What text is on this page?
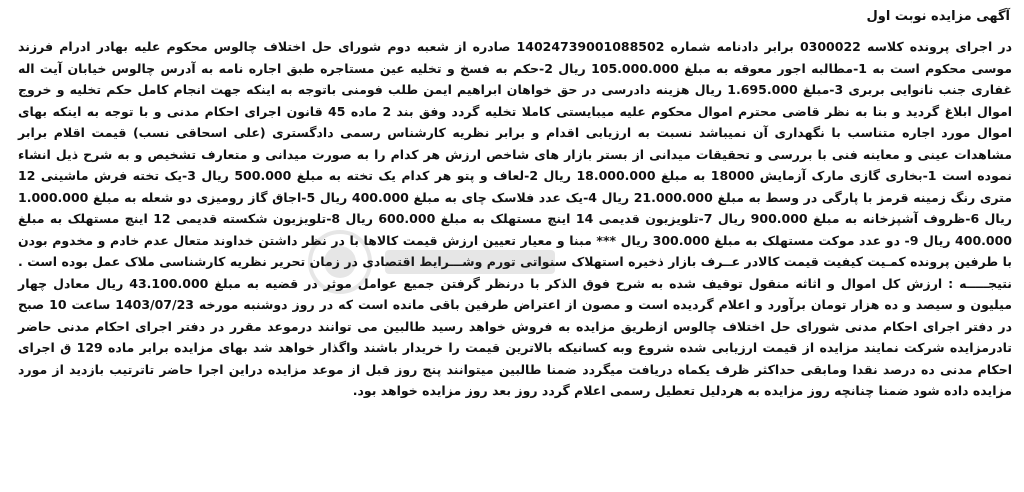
آگهی مزایده نوبت اول

در اجرای پرونده کلاسه 0300022 برابر دادنامه شماره 14024739001088502 صادره از شعبه دوم شورای حل اختلاف چالوس محکوم علیه بهادر ادرام فرزند موسی محکوم است به 1-مطالبه اجور معوقه به مبلغ 105.000.000 ریال 2-حکم به فسخ و تخلیه عین مستاجره طبق اجاره نامه به آدرس چالوس خیابان آیت اله غفاری جنب نانوایی بربری 3-مبلغ 1.695.000 ریال هزینه دادرسی در حق خواهان ابراهیم ایمن طلب فومنی باتوجه به اینکه جهت انجام کامل حکم تخلیه و خروج اموال ابلاغ گردید و بنا به نظر قاضی محترم اموال محکوم علیه میبایستی کاملا تخلیه گردد وفق بند 2 ماده 45 قانون اجرای احکام مدنی و با توجه به اینکه بهای اموال مورد اجاره متناسب با نگهداری آن نمیباشد نسبت به ارزیابی اقدام و برابر نظریه کارشناس رسمی دادگستری (علی اسحاقی نسب) قیمت اقلام برابر مشاهدات عینی و معاینه فنی با بررسی و تحقیقات میدانی از بستر بازار های شاخص ارزش هر کدام را به صورت میدانی و متعارف تشخیص و به شرح ذیل انشاء نموده است 1-بخاری گازی مارک آزمایش 18000 به مبلغ 18.000.000 ریال 2-لعاف و پتو هر کدام یک تخته به مبلغ 500.000 ریال 3-یک تخته فرش ماشینی 12 متری رنگ زمینه قرمز با پارگی در وسط به مبلغ 21.000.000 ریال 4-یک عدد فلاسک چای به مبلغ 400.000 ریال 5-اجاق گاز رومیزی دو شعله به مبلغ 1.000.000 ریال 6-ظروف آشپزخانه به مبلغ 900.000 ریال 7-تلویزیون قدیمی 14 اینچ مستهلک به مبلغ 600.000 ریال 8-تلویزیون شکسته قدیمی 12 اینچ مستهلک به مبلغ 400.000 ریال 9- دو عدد موکت مستهلک به مبلغ 300.000 ریال *** مبنا و معیار تعیین ارزش قیمت کالاها با در نظر داشتن خداوند متعال عدم خادم و مخدوم بودن با طرفین پرونده کمـیت کیفیت قیمت کالادر عــرف بازار ذخیره استهلاک سنواتی تورم وشـــرایط اقتصادی در زمان تحریر نظریه کارشناسی ملاک عمل بوده است . نتیجـــــه : ارزش کل اموال و اثاثه منقول توقیف شده به شرح فوق الذکر با درنظر گرفتن جمیع عوامل موثر در قضیه به مبلغ 43.100.000 ریال معادل چهار میلیون و سیصد و ده هزار تومان برآورد و اعلام گردیده است و مصون از اعتراض طرفین باقی مانده است که در روز دوشنبه مورخه 1403/07/23 ساعت 10 صبح در دفتر اجرای احکام مدنی شورای حل اختلاف چالوس ازطریق مزایده به فروش خواهد رسید طالبین می توانند درموعد مقرر در دفتر اجرای احکام مدنی حاضر تادرمزایده شرکت نمایند مزایده از قیمت ارزیابی شده شروع وبه کسانیکه بالاترین قیمت را خریدار باشند واگذار خواهد شد بهای مزایده برابر ماده 129 ق اجرای احکام مدنی ده درصد نقدا وما‌بقی حداکثر ظرف یکماه دریافت میگردد ضمنا طالبین میتوانند پنج روز قبل از موعد مزایده دراین اجرا حاضر تاترتیب بازدید از مورد مزایده داده شود ضمنا چنانچه روز مزایده به هردلیل تعطیل رسمی اعلام گردد روز بعد روز مزایده خواهد بود.
